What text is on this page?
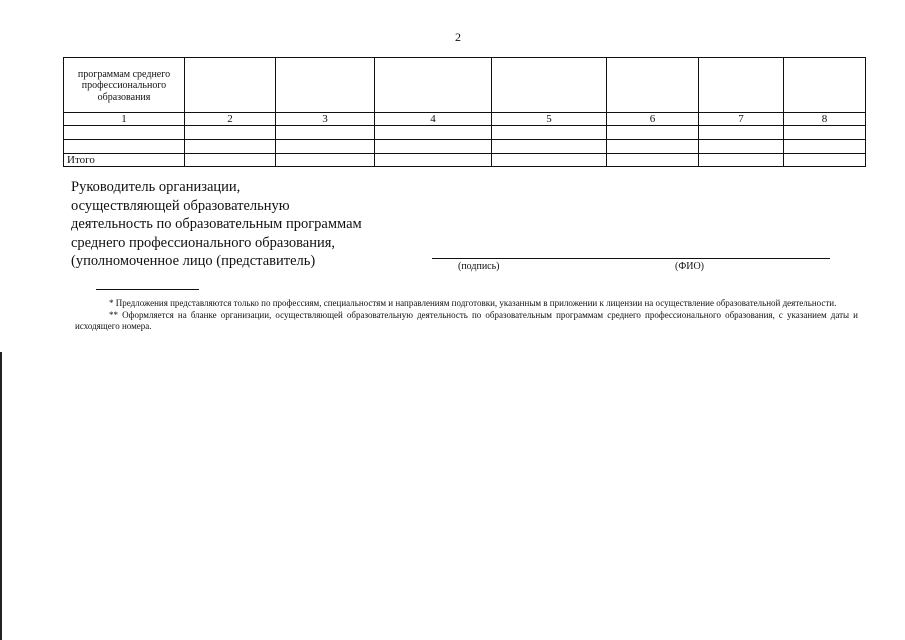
2
программам среднего профессионального образования							

1	2	3	4	5	6	7	8

Итого							
Руководитель организации,
осуществляющей образовательную
деятельность по образовательным программам
среднего профессионального образования,
(уполномоченное лицо (представитель)	(подпись)	(ФИО)

* Предложения представляются только по профессиям, специальностям и направлениям подготовки, указанным в приложении к лицензии на осуществление образовательной деятельности.

** Оформляется на бланке организации, осуществляющей образовательную деятельность по образовательным программам среднего профессионального образования, с указанием даты и исходящего номера.
